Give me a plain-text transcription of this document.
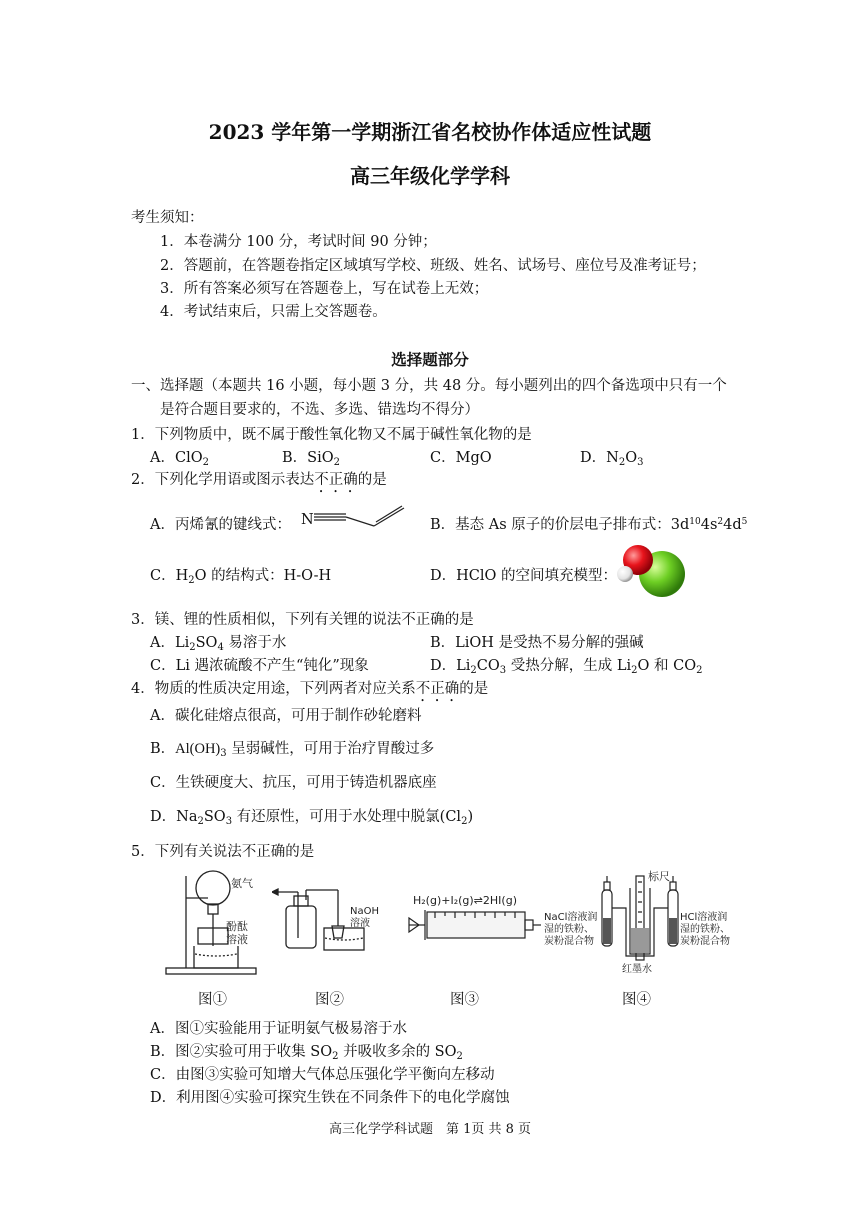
2023 学年第一学期浙江省名校协作体适应性试题
高三年级化学学科
考生须知：
1．本卷满分 100 分，考试时间 90 分钟；
2．答题前，在答题卷指定区域填写学校、班级、姓名、试场号、座位号及准考证号；
3．所有答案必须写在答题卷上，写在试卷上无效；
4．考试结束后，只需上交答题卷。
选择题部分
一、选择题（本题共 16 小题，每小题 3 分，共 48 分。每小题列出的四个备选项中只有一个
是符合题目要求的，不选、多选、错选均不得分）
1．下列物质中，既不属于酸性氧化物又不属于碱性氧化物的是
A．ClO$_2$	B．SiO$_2$	C．MgO	D．$N_2O_3$
2．下列化学用语或图示表达不正确的是
A．丙烯氰的键线式： N	B．基态 As 原子的价层电子排布式：$3d^{10}4s^24d^5$
C．$H_2O$ 的结构式：H-O-H	D．HClO 的空间填充模型：
3．镁、锂的性质相似，下列有关锂的说法不正确的是
A．$Li_2SO_4$ 易溶于水	B．LiOH 是受热不易分解的强碱
C．Li 遇浓硫酸不产生“钝化”现象	D．$Li_2CO_3$ 受热分解，生成 $Li_2O$ 和 $CO_2$
4．物质的性质决定用途，下列两者对应关系不正确的是
A．碳化硅熔点很高，可用于制作砂轮磨料
B．$Al(OH)_3$ 呈弱碱性，可用于治疗胃酸过多
C．生铁硬度大、抗压，可用于铸造机器底座
D．$Na_2SO_3$ 有还原性，可用于水处理中脱氯$(Cl_2)$
5．下列有关说法不正确的是
氨气
酚酞
溶液
NaOH
溶液
H₂(g)+I₂(g)⇌2HI(g)
标尺
NaCl溶液润
湿的铁粉、
炭粉混合物
HCl溶液润
湿的铁粉、
炭粉混合物
红墨水
图①	图②	图③	图④
A．图①实验能用于证明氨气极易溶于水
B．图②实验可用于收集 $SO_2$ 并吸收多余的 $SO_2$
C．由图③实验可知增大气体总压强化学平衡向左移动
D．利用图④实验可探究生铁在不同条件下的电化学腐蚀
高三化学学科试题　第 1页 共 8 页
